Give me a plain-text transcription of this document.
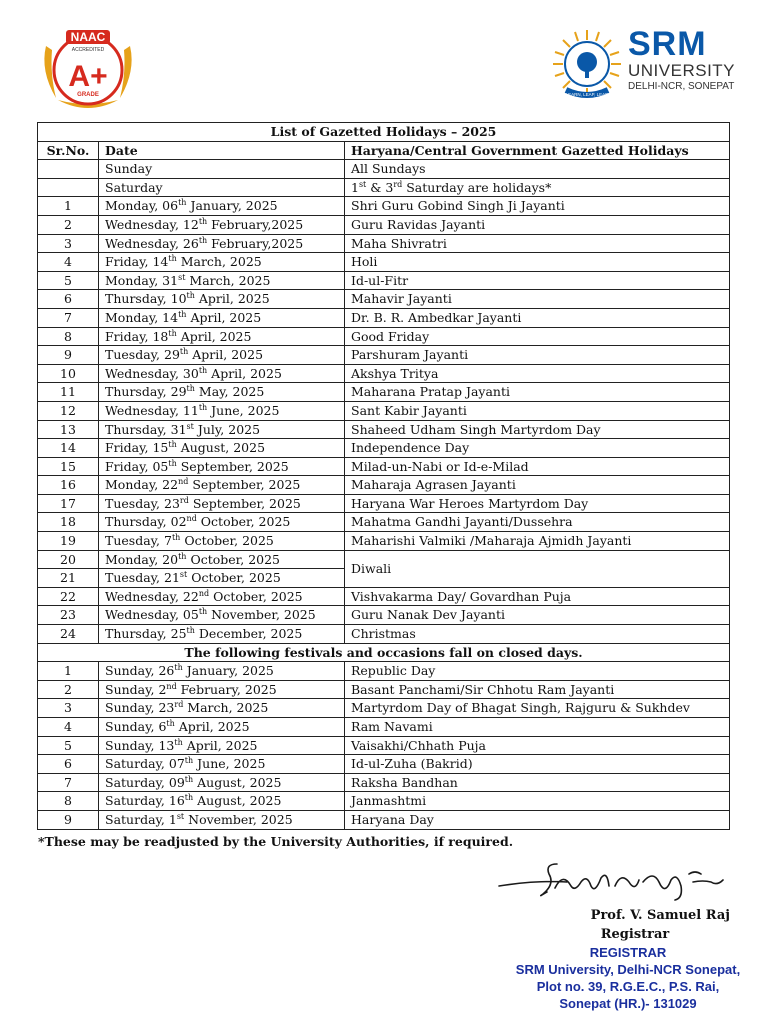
NAAC
ACCREDITED
A+
GRADE	LEARN, LEAP, LEAD
SRM
UNIVERSITY
DELHI-NCR, SONEPAT
List of Gazetted Holidays – 2025		
Sr.No.	Date	Haryana/Central Government Gazetted Holidays
	Sunday	All Sundays
	Saturday	1st & 3rd Saturday are holidays*
1	Monday, 06th January, 2025	Shri Guru Gobind Singh Ji Jayanti
2	Wednesday, 12th February,2025	Guru Ravidas Jayanti
3	Wednesday, 26th February,2025	Maha Shivratri
4	Friday, 14th March, 2025	Holi
5	Monday, 31st March, 2025	Id-ul-Fitr
6	Thursday, 10th April, 2025	Mahavir Jayanti
7	Monday, 14th April, 2025	Dr. B. R. Ambedkar Jayanti
8	Friday, 18th April, 2025	Good Friday
9	Tuesday, 29th April, 2025	Parshuram Jayanti
10	Wednesday, 30th April, 2025	Akshya Tritya
11	Thursday, 29th May, 2025	Maharana Pratap Jayanti
12	Wednesday, 11th June, 2025	Sant Kabir Jayanti
13	Thursday, 31st July, 2025	Shaheed Udham Singh Martyrdom Day
14	Friday, 15th August, 2025	Independence Day
15	Friday, 05th September, 2025	Milad-un-Nabi or Id-e-Milad
16	Monday, 22nd September, 2025	Maharaja Agrasen Jayanti
17	Tuesday, 23rd September, 2025	Haryana War Heroes Martyrdom Day
18	Thursday, 02nd October, 2025	Mahatma Gandhi Jayanti/Dussehra
19	Tuesday, 7th October, 2025	Maharishi Valmiki /Maharaja Ajmidh Jayanti
20	Monday, 20th October, 2025	Diwali
21	Tuesday, 21st October, 2025	
22	Wednesday, 22nd October, 2025	Vishvakarma Day/ Govardhan Puja
23	Wednesday, 05th November, 2025	Guru Nanak Dev Jayanti
24	Thursday, 25th December, 2025	Christmas
The following festivals and occasions fall on closed days.		
1	Sunday, 26th January, 2025	Republic Day
2	Sunday, 2nd February, 2025	Basant Panchami/Sir Chhotu Ram Jayanti
3	Sunday, 23rd March, 2025	Martyrdom Day of Bhagat Singh, Rajguru & Sukhdev
4	Sunday, 6th April, 2025	Ram Navami
5	Sunday, 13th April, 2025	Vaisakhi/Chhath Puja
6	Saturday, 07th June, 2025	Id-ul-Zuha (Bakrid)
7	Saturday, 09th August, 2025	Raksha Bandhan
8	Saturday, 16th August, 2025	Janmashtmi
9	Saturday, 1st November, 2025	Haryana Day
*These may be readjusted by the University Authorities, if required.
Prof. V. Samuel Raj
Registrar
REGISTRAR
SRM University, Delhi-NCR Sonepat,
Plot no. 39, R.G.E.C., P.S. Rai,
Sonepat (HR.)- 131029
